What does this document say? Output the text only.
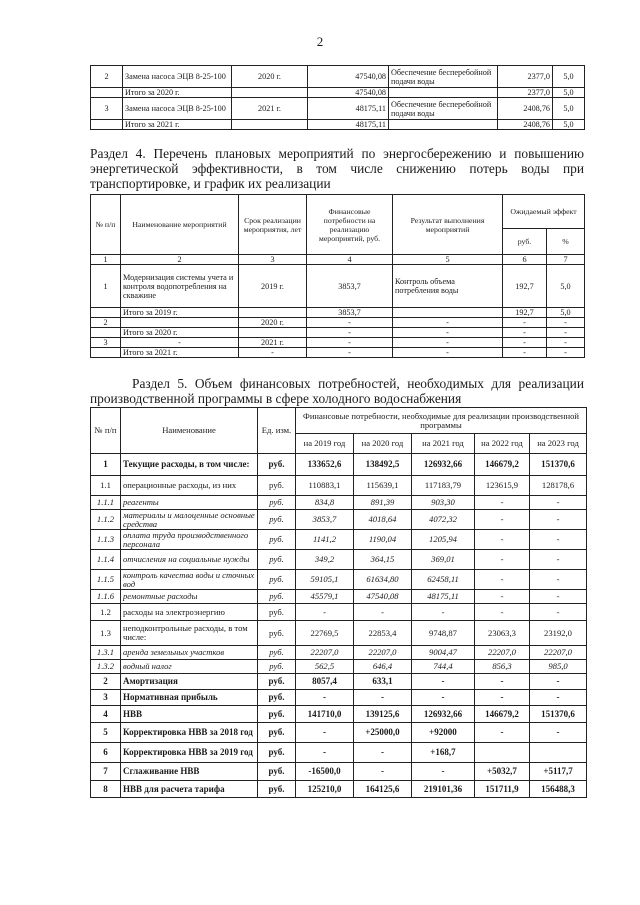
2
2	Замена насоса ЭЦВ 8-25-100	2020 г.	47540,08	Обеспечение бесперебойной подачи воды	2377,0	5,0
	Итого за 2020 г.		47540,08		2377,0	5,0
3	Замена насоса ЭЦВ 8-25-100	2021 г.	48175,11	Обеспечение бесперебойной подачи воды	2408,76	5,0
	Итого за 2021 г.		48175,11		2408,76	5,0
Раздел 4. Перечень плановых мероприятий по энергосбережению и повышению энергетической эффективности, в том числе снижению потерь воды при транспортировке, и график их реализации
№ п/п	Наименование мероприятий	Срок реализации мероприятия, лет	Финансовые потребности на реализацию мероприятий, руб.	Результат выполнения мероприятий	Ожидаемый эффект	
					руб.	%
1	2	3	4	5	6	7
1	Модернизация системы учета и контроля водопотребления на скважине	2019 г.	3853,7	Контроль объема потребления воды	192,7	5,0
	Итого за 2019 г.		3853,7		192,7	5,0
2		2020 г.	-	-	-	-
	Итого за 2020 г.		-	-	-	-
3	-	2021 г.	-	-	-	-
	Итого за 2021 г.	-	-	-	-	-
Раздел 5. Объем финансовых потребностей, необходимых для реализации производственной программы в сфере холодного водоснабжения
№ п/п	Наименование	Ед. изм.	Финансовые потребности, необходимые для реализации производственной программы				
			на 2019 год	на 2020 год	на 2021 год	на 2022 год	на 2023 год
1	Текущие расходы, в том числе:	руб.	133652,6	138492,5	126932,66	146679,2	151370,6
1.1	операционные расходы, из них	руб.	110883,1	115639,1	117183,79	123615,9	128178,6
1.1.1	реагенты	руб.	834,8	891,39	903,30	-	-
1.1.2	материалы и малоценные основные средства	руб.	3853,7	4018,64	4072,32	-	-
1.1.3	оплата труда производственного персонала	руб.	1141,2	1190,04	1205,94	-	-
1.1.4	отчисления на социальные нужды	руб.	349,2	364,15	369,01	-	-
1.1.5	контроль качества воды и сточных вод	руб.	59105,1	61634,80	62458,11	-	-
1.1.6	ремонтные расходы	руб.	45579,1	47540,08	48175,11	-	-
1.2	расходы на электроэнергию	руб.	-	-	-	-	-
1.3	неподконтрольные расходы, в том числе:	руб.	22769,5	22853,4	9748,87	23063,3	23192,0
1.3.1	аренда земельных участков	руб.	22207,0	22207,0	9004,47	22207,0	22207,0
1.3.2	водный налог	руб.	562,5	646,4	744,4	856,3	985,0
2	Амортизация	руб.	8057,4	633,1	-	-	-
3	Нормативная прибыль	руб.	-	-	-	-	-
4	НВВ	руб.	141710,0	139125,6	126932,66	146679,2	151370,6
5	Корректировка НВВ за 2018 год	руб.	-	+25000,0	+92000	-	-
6	Корректировка НВВ за 2019 год	руб.	-	-	+168,7		
7	Сглаживание НВВ	руб.	-16500,0	-	-	+5032,7	+5117,7
8	НВВ для расчета тарифа	руб.	125210,0	164125,6	219101,36	151711,9	156488,3
